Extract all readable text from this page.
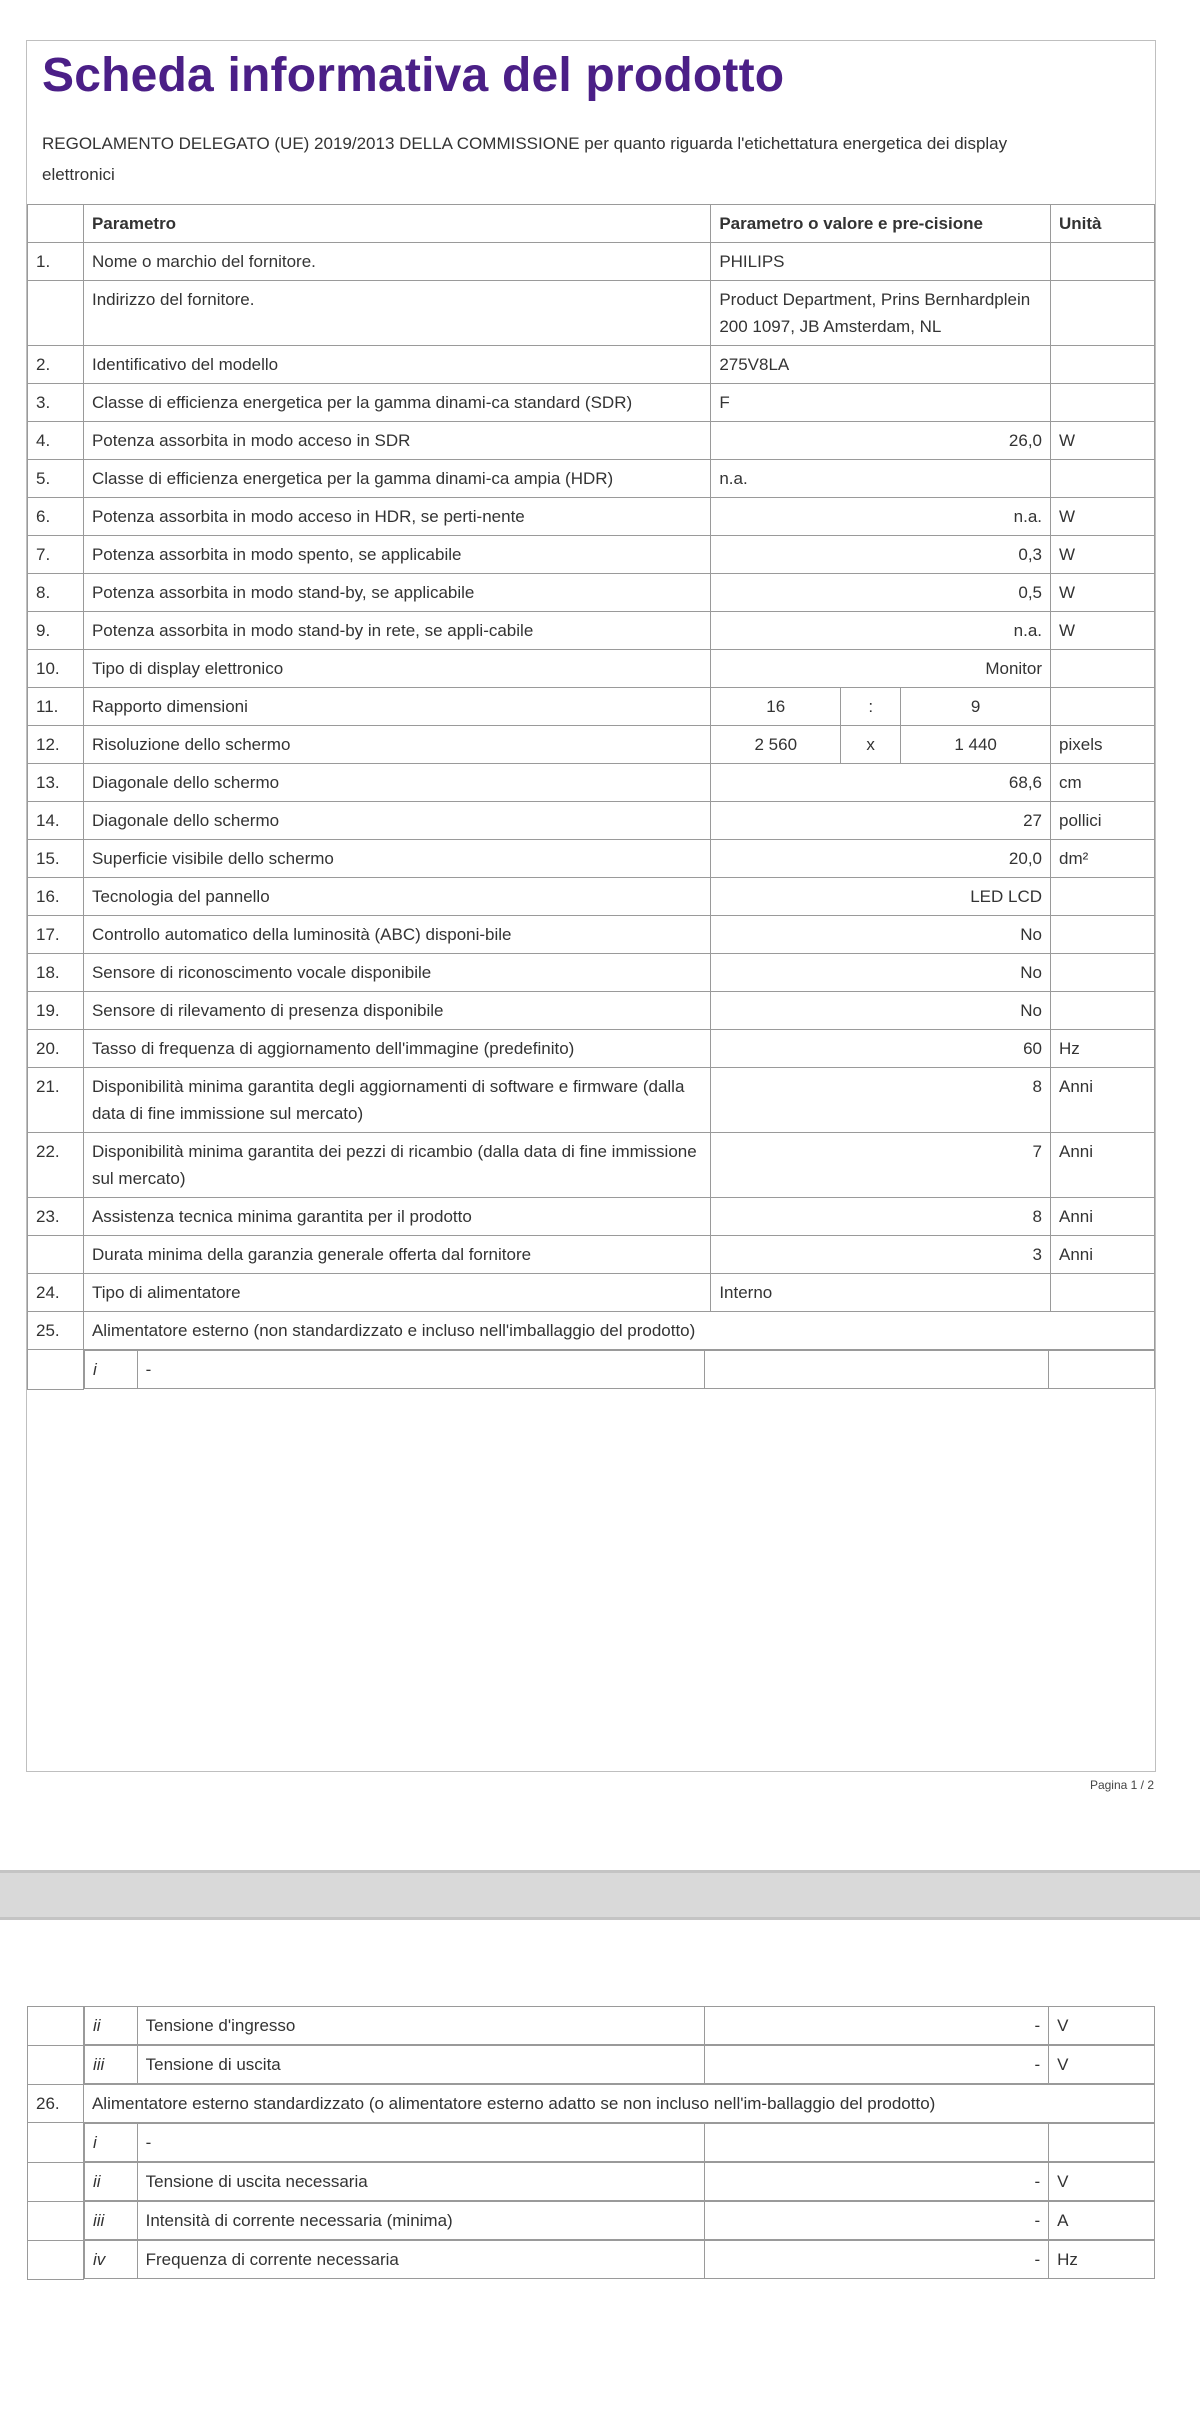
Scheda informativa del prodotto
REGOLAMENTO DELEGATO (UE) 2019/2013 DELLA COMMISSIONE per quanto riguarda l'etichettatura energetica dei display elettronici
	Parametro	Parametro o valore e pre-cisione	Unità
1.	Nome o marchio del fornitore.	PHILIPS	
	Indirizzo del fornitore.	Product Department, Prins Bernhardplein 200 1097, JB Amsterdam, NL	
2.	Identificativo del modello	275V8LA	
3.	Classe di efficienza energetica per la gamma dinami-ca standard (SDR)	F	
4.	Potenza assorbita in modo acceso in SDR	26,0	W
5.	Classe di efficienza energetica per la gamma dinami-ca ampia (HDR)	n.a.	
6.	Potenza assorbita in modo acceso in HDR, se perti-nente	n.a.	W
7.	Potenza assorbita in modo spento, se applicabile	0,3	W
8.	Potenza assorbita in modo stand-by, se applicabile	0,5	W
9.	Potenza assorbita in modo stand-by in rete, se appli-cabile	n.a.	W
10.	Tipo di display elettronico	Monitor	
11.	Rapporto dimensioni	16	:	9	
12.	Risoluzione dello schermo	2 560	x	1 440	pixels
13.	Diagonale dello schermo	68,6	cm
14.	Diagonale dello schermo	27	pollici
15.	Superficie visibile dello schermo	20,0	dm²
16.	Tecnologia del pannello	LED LCD	
17.	Controllo automatico della luminosità (ABC) disponi-bile	No	
18.	Sensore di riconoscimento vocale disponibile	No	
19.	Sensore di rilevamento di presenza disponibile	No	
20.	Tasso di frequenza di aggiornamento dell'immagine (predefinito)	60	Hz
21.	Disponibilità minima garantita degli aggiornamenti di software e firmware (dalla data di fine immissione sul mercato)	8	Anni
22.	Disponibilità minima garantita dei pezzi di ricambio (dalla data di fine immissione sul mercato)	7	Anni
23.	Assistenza tecnica minima garantita per il prodotto	8	Anni
	Durata minima della garanzia generale offerta dal fornitore	3	Anni
24.	Tipo di alimentatore	Interno	
25.	Alimentatore esterno (non standardizzato e incluso nell'imballaggio del prodotto)

i	-		
Pagina 1 / 2

ii	Tensione d'ingresso	-	V

iii	Tensione di uscita	-	V

26.	Alimentatore esterno standardizzato (o alimentatore esterno adatto se non incluso nell'im-ballaggio del prodotto)

i	-		

ii	Tensione di uscita necessaria	-	V

iii	Intensità di corrente necessaria (minima)	-	A

iv	Frequenza di corrente necessaria	-	Hz
